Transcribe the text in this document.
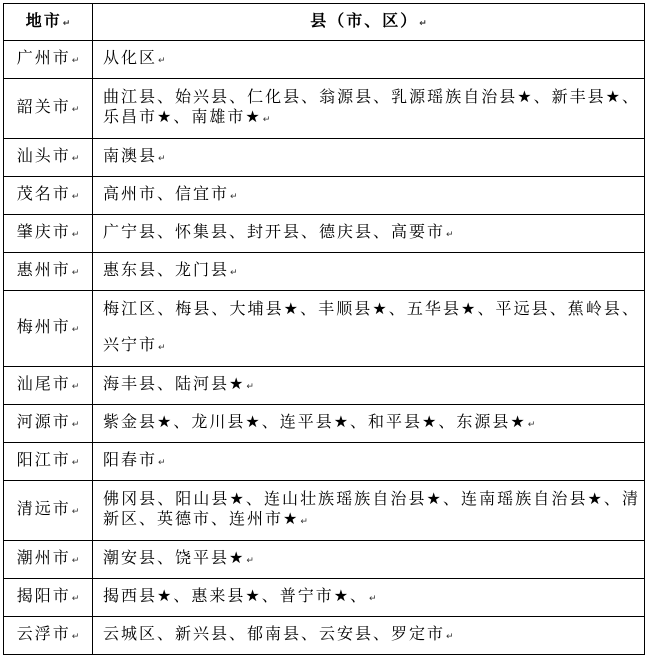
地市↵	县（市、区）↵
广州市↵	从化区↵
韶关市↵	曲江县、始兴县、仁化县、翁源县、乳源瑶族自治县★、新丰县★、乐昌市★、南雄市★↵
汕头市↵	南澳县↵
茂名市↵	高州市、信宜市↵
肇庆市↵	广宁县、怀集县、封开县、德庆县、高要市↵
惠州市↵	惠东县、龙门县↵
梅州市↵	梅江区、梅县、大埔县★、丰顺县★、五华县★、平远县、蕉岭县、兴宁市↵
汕尾市↵	海丰县、陆河县★↵
河源市↵	紫金县★、龙川县★、连平县★、和平县★、东源县★↵
阳江市↵	阳春市↵
清远市↵	佛冈县、阳山县★、连山壮族瑶族自治县★、连南瑶族自治县★、清新区、英德市、连州市★↵
潮州市↵	潮安县、饶平县★↵
揭阳市↵	揭西县★、惠来县★、普宁市★、↵
云浮市↵	云城区、新兴县、郁南县、云安县、罗定市↵
